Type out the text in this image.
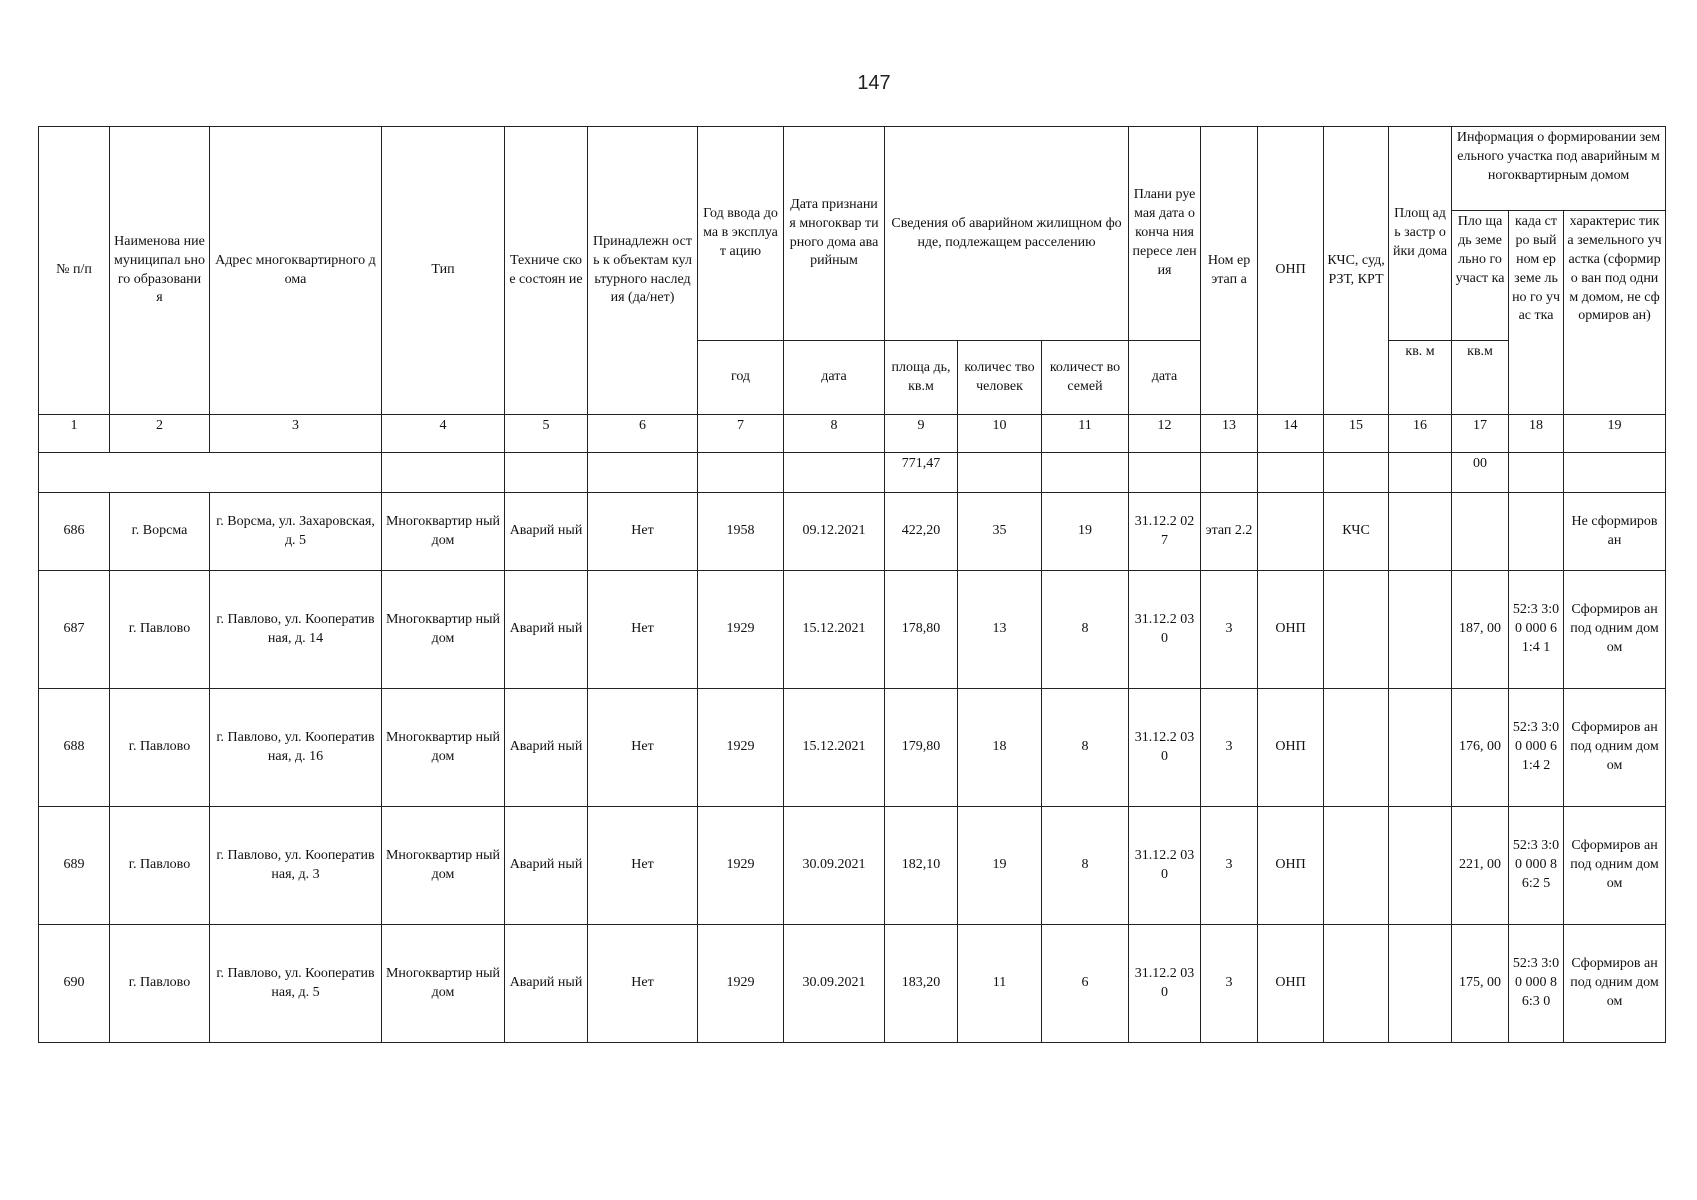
147
№ п/п	Наименова ние муниципал ьного образовани я	Адрес многоквартирного дома	Тип	Техниче ское состоян ие	Принадлежн ость к объектам культурного наследия (да/нет)	Год ввода дома в эксплуат ацию	Дата признания многоквар тирного дома аварийным	Сведения об аварийном жилищном фонде, подлежащем расселению			Плани руемая дата оконча ния пересе ления	Ном ер этап а	ОНП	КЧС, суд, РЗТ, КРТ	Площ адь застр ойки дома	Информация о формировании земельного участка под аварийным многоквартирным домом		
																Пло щадь земе льно го участ ка	када стро вый ном ер земе льно го учас тка	характерис тика земельного участка (сформиро ван под одним домом, не сформиров ан)
						год	дата	площа дь, кв.м	количес тво человек	количест во семей	дата				кв. м	кв.м		
1	2	3	4	5	6	7	8	9	10	11	12	13	14	15	16	17	18	19
								771,47								00		
686	г. Ворсма	г. Ворсма, ул. Захаровская, д. 5	Многоквартир ный дом	Аварий ный	Нет	1958	09.12.2021	422,20	35	19	31.12.2 027	этап 2.2		КЧС				Не сформиров ан
687	г. Павлово	г. Павлово, ул. Кооперативная, д. 14	Многоквартир ный дом	Аварий ный	Нет	1929	15.12.2021	178,80	13	8	31.12.2 030	3	ОНП			187, 00	52:3 3:00 000 61:4 1	Сформиров ан под одним домом
688	г. Павлово	г. Павлово, ул. Кооперативная, д. 16	Многоквартир ный дом	Аварий ный	Нет	1929	15.12.2021	179,80	18	8	31.12.2 030	3	ОНП			176, 00	52:3 3:00 000 61:4 2	Сформиров ан под одним домом
689	г. Павлово	г. Павлово, ул. Кооперативная, д. 3	Многоквартир ный дом	Аварий ный	Нет	1929	30.09.2021	182,10	19	8	31.12.2 030	3	ОНП			221, 00	52:3 3:00 000 86:2 5	Сформиров ан под одним домом
690	г. Павлово	г. Павлово, ул. Кооперативная, д. 5	Многоквартир ный дом	Аварий ный	Нет	1929	30.09.2021	183,20	11	6	31.12.2 030	3	ОНП			175, 00	52:3 3:00 000 86:3 0	Сформиров ан под одним домом
